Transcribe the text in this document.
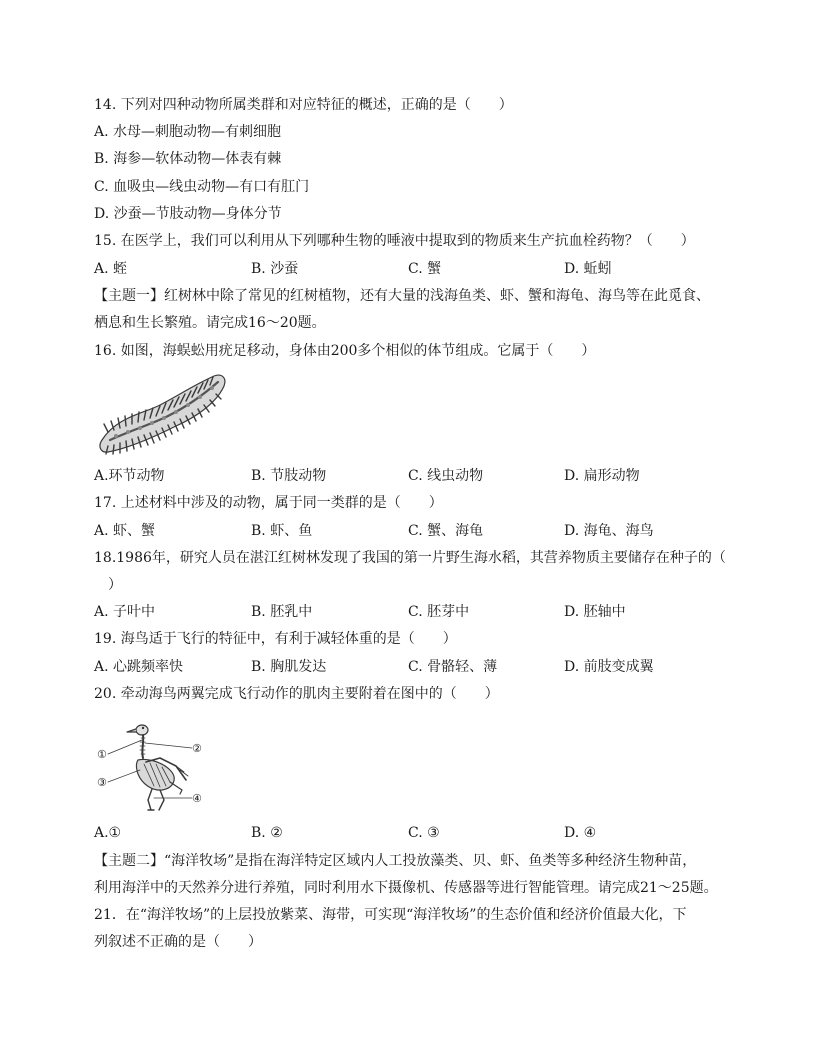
14. 下列对四种动物所属类群和对应特征的概述，正确的是（　　）
A. 水母—刺胞动物—有刺细胞
B. 海参—软体动物—体表有棘
C. 血吸虫—线虫动物—有口有肛门
D. 沙蚕—节肢动物—身体分节
15. 在医学上，我们可以利用从下列哪种生物的唾液中提取到的物质来生产抗血栓药物？（　　）
A. 蛭	B. 沙蚕	C. 蟹	D. 蚯蚓
【主题一】红树林中除了常见的红树植物，还有大量的浅海鱼类、虾、蟹和海龟、海鸟等在此觅食、
栖息和生长繁殖。请完成16～20题。
16. 如图，海蜈蚣用疣足移动，身体由200多个相似的体节组成。它属于（　　）
A.环节动物	B. 节肢动物	C. 线虫动物	D. 扁形动物
17. 上述材料中涉及的动物，属于同一类群的是（　　）
A. 虾、蟹	B. 虾、鱼	C. 蟹、海龟	D. 海龟、海鸟
18.1986年，研究人员在湛江红树林发现了我国的第一片野生海水稻，其营养物质主要储存在种子的（
）
A. 子叶中	B. 胚乳中	C. 胚芽中	D. 胚轴中
19. 海鸟适于飞行的特征中，有利于减轻体重的是（　　）
A. 心跳频率快	B. 胸肌发达	C. 骨骼轻、薄	D. 前肢变成翼
20. 牵动海鸟两翼完成飞行动作的肌肉主要附着在图中的（　　）
①	②
③
④
A.①	B. ②	C. ③	D. ④
【主题二】“海洋牧场”是指在海洋特定区域内人工投放藻类、贝、虾、鱼类等多种经济生物种苗，
利用海洋中的天然养分进行养殖，同时利用水下摄像机、传感器等进行智能管理。请完成21～25题。
21．在“海洋牧场”的上层投放紫菜、海带，可实现“海洋牧场”的生态价值和经济价值最大化，下
列叙述不正确的是（　　）
